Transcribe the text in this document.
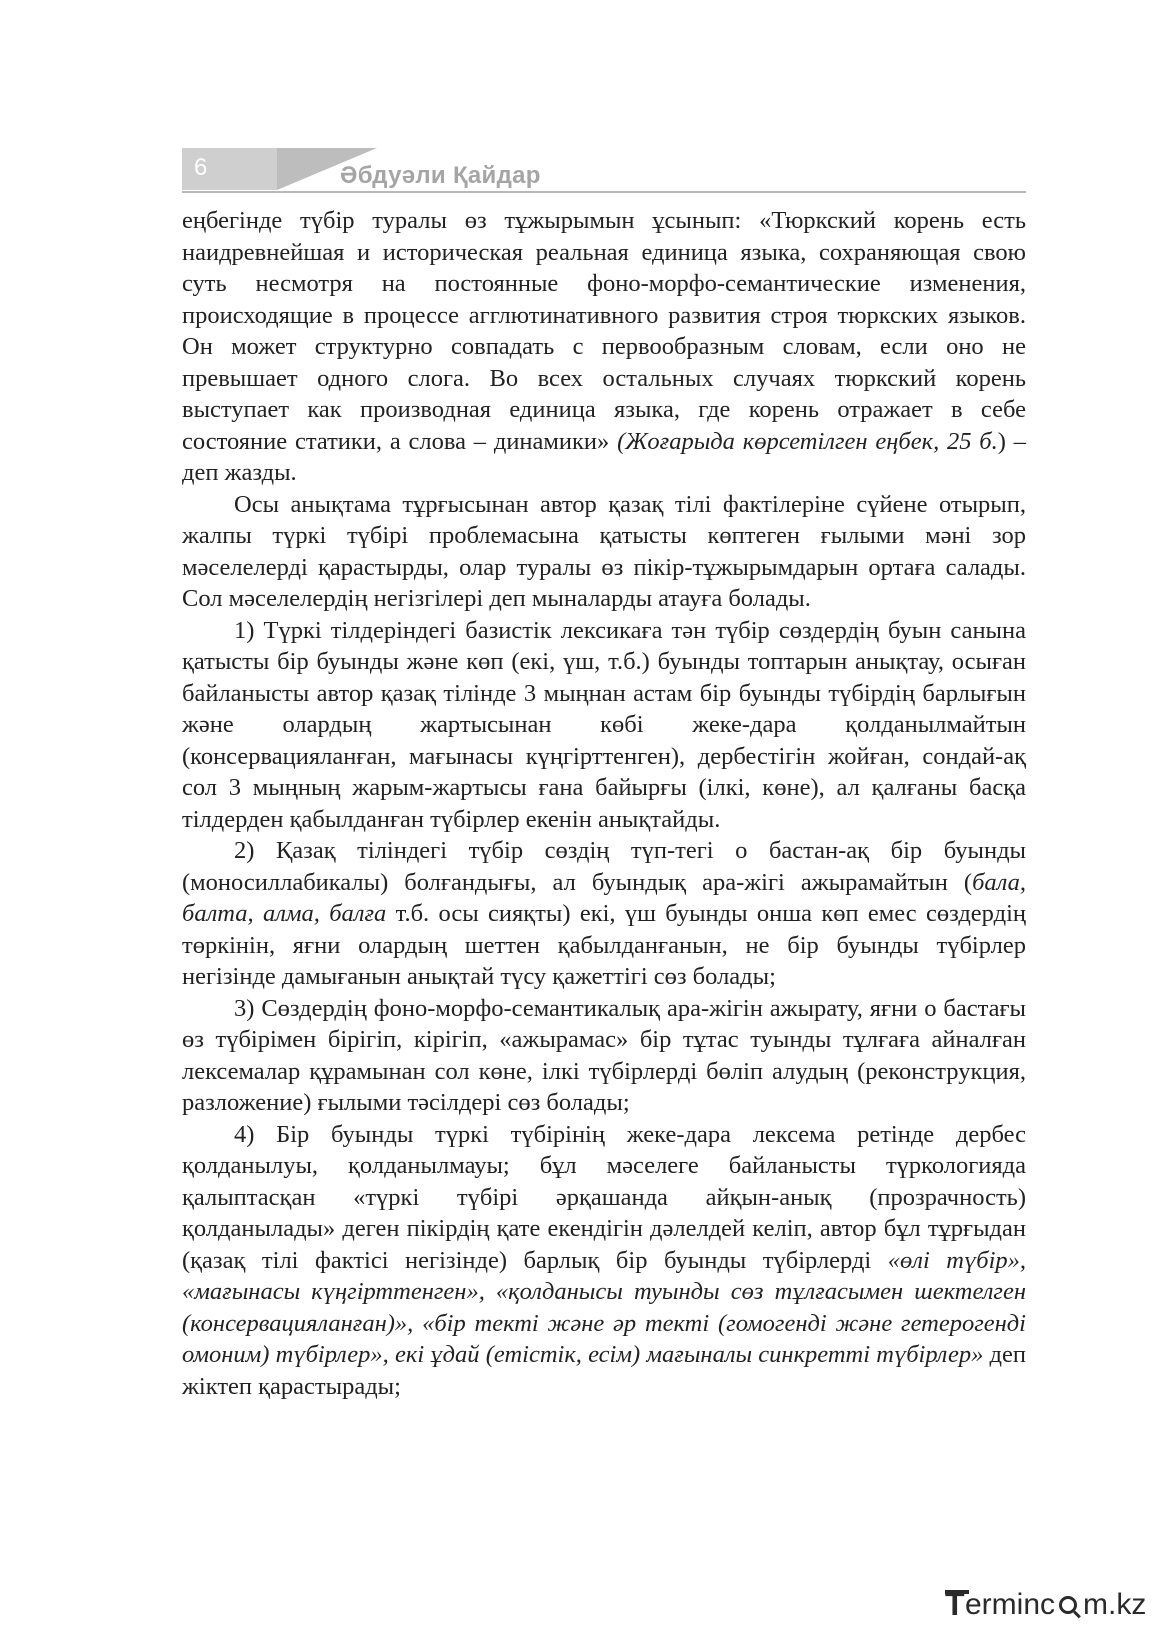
6	Әбдуәли Қайдар

еңбегінде түбір туралы өз тұжырымын ұсынып: «Тюркский корень есть наидревнейшая и историческая реальная единица языка, сохраняющая свою суть несмотря на постоянные фоно-морфо-семантические изменения, происходящие в процессе агглютинативного развития строя тюркских языков. Он может структурно совпадать с первообразным словам, если оно не превышает одного слога. Во всех остальных случаях тюркский корень выступает как производная единица языка, где корень отражает в себе состояние статики, а слова – динамики» (Жоғарыда көрсетілген еңбек, 25 б.) – деп жазды.

Осы анықтама тұрғысынан автор қазақ тілі фактілеріне сүйене отырып, жалпы түркі түбірі проблемасына қатысты көптеген ғылыми мәні зор мәселелерді қарастырды, олар туралы өз пікір-тұжырымдарын ортаға салады. Сол мәселелердің негізгілері деп мыналарды атауға болады.

1) Түркі тілдеріндегі базистік лексикаға тән түбір сөздердің буын санына қатысты бір буынды және көп (екі, үш, т.б.) буынды топтарын анықтау, осыған байланысты автор қазақ тілінде 3 мыңнан астам бір буынды түбірдің барлығын және олардың жартысынан көбі жеке-дара қолданылмайтын (консервацияланған, мағынасы күңгірттенген), дербестігін жойған, сондай-ақ сол 3 мыңның жарым-жартысы ғана байырғы (ілкі, көне), ал қалғаны басқа тілдерден қабылданған түбірлер екенін анықтайды.

2) Қазақ тіліндегі түбір сөздің түп-тегі о бастан-ақ бір буынды (моносиллабикалы) болғандығы, ал буындық ара-жігі ажырамайтын (бала, балта, алма, балға т.б. осы сияқты) екі, үш буынды онша көп емес сөздердің төркінін, яғни олардың шеттен қабылданғанын, не бір буынды түбірлер негізінде дамығанын анықтай түсу қажеттігі сөз болады;

3) Сөздердің фоно-морфо-семантикалық ара-жігін ажырату, яғни о бастағы өз түбірімен бірігіп, кірігіп, «ажырамас» бір тұтас туынды тұлғаға айналған лексемалар құрамынан сол көне, ілкі түбірлерді бөліп алудың (реконструкция, разложение) ғылыми тәсілдері сөз болады;

4) Бір буынды түркі түбірінің жеке-дара лексема ретінде дербес қолданылуы, қолданылмауы; бұл мәселеге байланысты түркологияда қалыптасқан «түркі түбірі әрқашанда айқын-анық (прозрачность) қолданылады» деген пікірдің қате екендігін дәлелдей келіп, автор бұл тұрғыдан (қазақ тілі фактісі негізінде) барлық бір буынды түбірлерді «өлі түбір», «мағынасы күңгірттенген», «қолданысы туынды сөз тұлғасымен шектелген (консервацияланған)», «бір текті және әр текті (гомогенді және гетерогенді омоним) түбірлер», екі ұдай (етістік, есім) мағыналы синкретті түбірлер» деп жіктеп қарастырады;

T erminc m.kz
